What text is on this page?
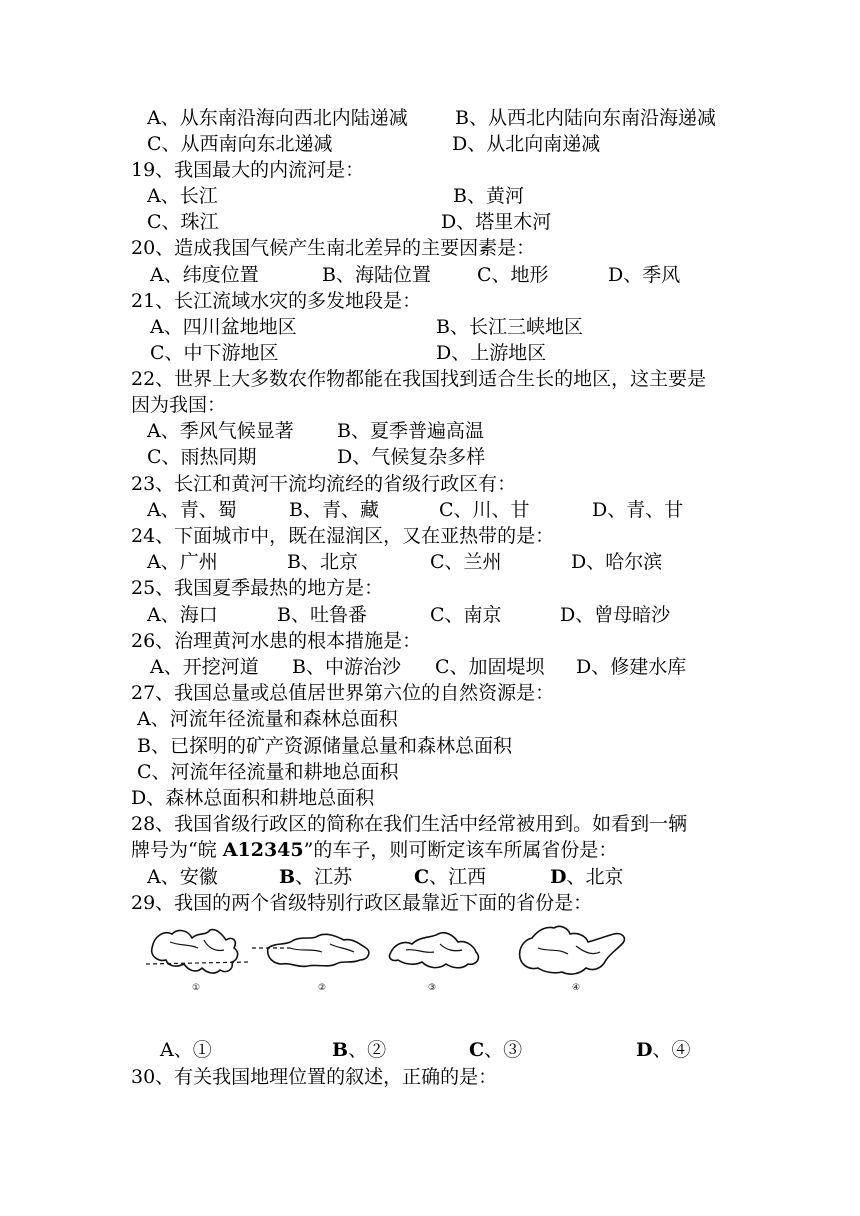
A、从东南沿海向西北内陆递减 B、从西北内陆向东南沿海递减
C、从西南向东北递减	D、从北向南递减
19、我国最大的内流河是：
A、长江	B、黄河
C、珠江	D、塔里木河
20、造成我国气候产生南北差异的主要因素是：
A、纬度位置	B、海陆位置 C、地形	D、季风
21、长江流域水灾的多发地段是：
A、四川盆地地区	B、长江三峡地区
C、中下游地区	D、上游地区
22、世界上大多数农作物都能在我国找到适合生长的地区，这主要是
因为我国：
A、季风气候显著 B、夏季普遍高温
C、雨热同期	D、气候复杂多样
23、长江和黄河干流均流经的省级行政区有：
A、青、蜀	B、青、藏	C、川、甘	D、青、甘
24、下面城市中，既在湿润区，又在亚热带的是：
A、广州	B、北京	C、兰州	D、哈尔滨
25、我国夏季最热的地方是：
A、海口	B、吐鲁番	C、南京	D、曾母暗沙
26、治理黄河水患的根本措施是：
A、开挖河道 B、中游治沙 C、加固堤坝 D、修建水库
27、我国总量或总值居世界第六位的自然资源是：
A、河流年径流量和森林总面积
B、已探明的矿产资源储量总量和森林总面积
C、河流年径流量和耕地总面积
D、森林总面积和耕地总面积
28、我国省级行政区的简称在我们生活中经常被用到。如看到一辆
牌号为“皖 A12345”的车子，则可断定该车所属省份是：
A、安徽	B、江苏	C、江西	D、北京
29、我国的两个省级特别行政区最靠近下面的省份是：
①	②	③	④
A、①	B、②	C、③	D、④
30、有关我国地理位置的叙述，正确的是：
